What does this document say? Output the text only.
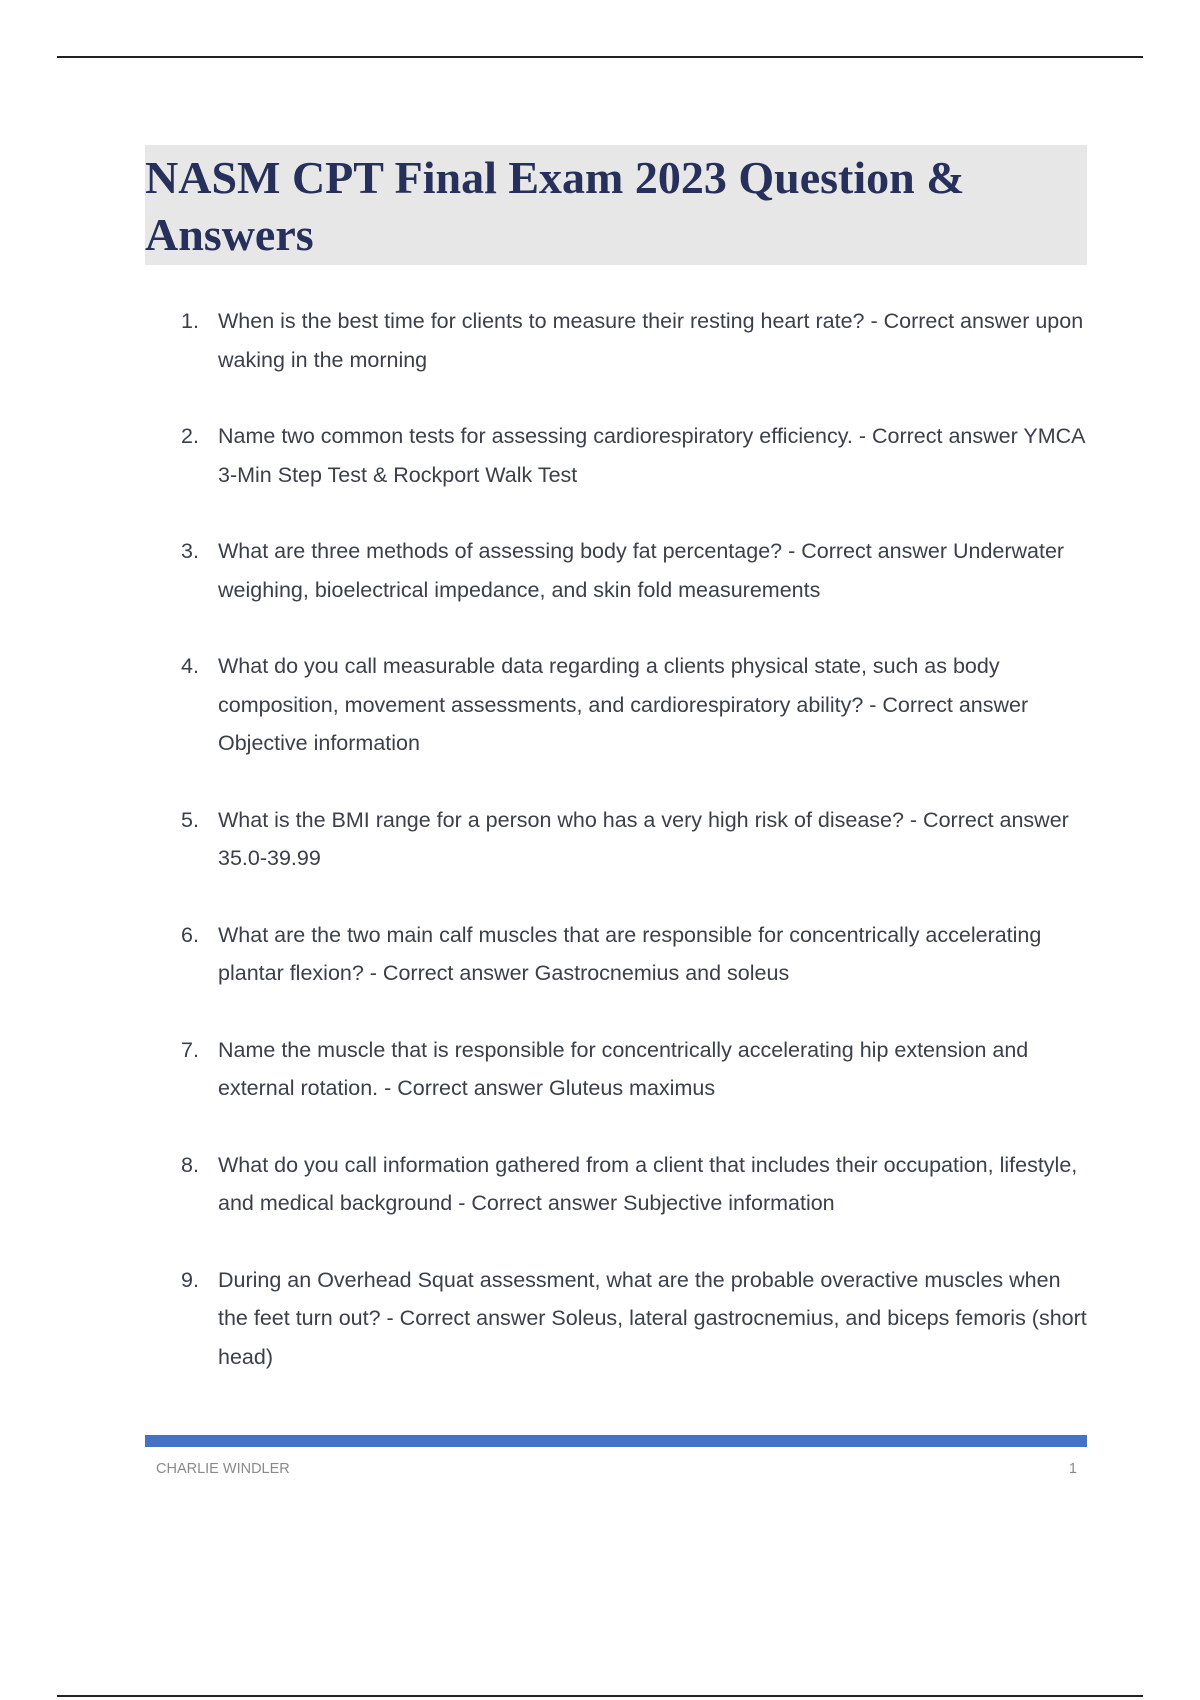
NASM CPT Final Exam 2023 Question & Answers
1. When is the best time for clients to measure their resting heart rate? - Correct answer upon waking in the morning
2. Name two common tests for assessing cardiorespiratory efficiency. - Correct answer YMCA 3-Min Step Test & Rockport Walk Test
3. What are three methods of assessing body fat percentage? - Correct answer Underwater weighing, bioelectrical impedance, and skin fold measurements
4. What do you call measurable data regarding a clients physical state, such as body composition, movement assessments, and cardiorespiratory ability? - Correct answer Objective information
5. What is the BMI range for a person who has a very high risk of disease? - Correct answer 35.0-39.99
6. What are the two main calf muscles that are responsible for concentrically accelerating plantar flexion? - Correct answer Gastrocnemius and soleus
7. Name the muscle that is responsible for concentrically accelerating hip extension and external rotation. - Correct answer Gluteus maximus
8. What do you call information gathered from a client that includes their occupation, lifestyle, and medical background - Correct answer Subjective information
9. During an Overhead Squat assessment, what are the probable overactive muscles when the feet turn out? - Correct answer Soleus, lateral gastrocnemius, and biceps femoris (short head)
CHARLIE WINDLER	1
